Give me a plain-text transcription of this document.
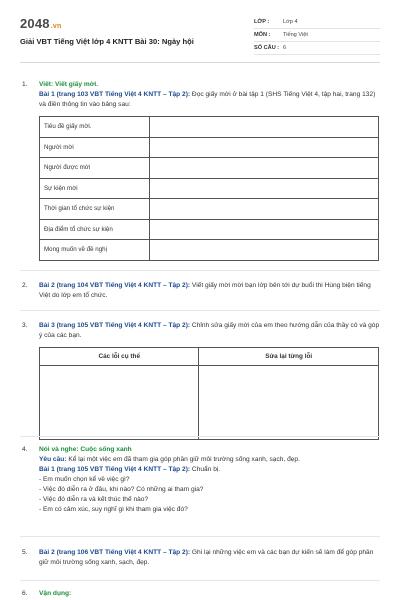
2048.vn
Giải VBT Tiếng Việt lớp 4 KNTT Bài 30: Ngày hội
LỚP :	Lớp 4
MÔN :	Tiếng Việt
SỐ CÂU : 6
1.	Viết: Viết giấy mời.
Bài 1 (trang 103 VBT Tiếng Việt 4 KNTT – Tập 2): Đọc giấy mời ở bài tập 1 (SHS Tiếng Việt 4, tập hai, trang 132) và điền thông tin vào bảng sau:
Tiêu đề giấy mời.	
Người mời	
Người được mời	
Sự kiện mời	
Thời gian tổ chức sự kiện	
Địa điểm tổ chức sự kiện	
Mong muốn về đề nghị	
2.	Bài 2 (trang 104 VBT Tiếng Việt 4 KNTT – Tập 2): Viết giấy mời mời bạn lớp bên tới dự buổi thi Hùng biện tiếng Việt do lớp em tổ chức.
3.	Bài 3 (trang 105 VBT Tiếng Việt 4 KNTT – Tập 2): Chỉnh sửa giấy mời của em theo hướng dẫn của thầy cô và góp ý của các bạn.
Các lỗi cụ thể	Sửa lại từng lỗi

4.	Nói và nghe: Cuộc sống xanh
Yêu cầu: Kể lại một việc em đã tham gia góp phần giữ môi trường sống xanh, sạch, đẹp.
Bài 1 (trang 105 VBT Tiếng Việt 4 KNTT – Tập 2): Chuẩn bị.
- Em muốn chọn kể về việc gì?
- Việc đó diễn ra ở đâu, khi nào? Có những ai tham gia?
- Việc đó diễn ra và kết thúc thế nào?
- Em có cảm xúc, suy nghĩ gì khi tham gia việc đó?
5.	Bài 2 (trang 106 VBT Tiếng Việt 4 KNTT – Tập 2): Ghi lại những việc em và các bạn dự kiến sẽ làm để góp phần giữ môi trường sống xanh, sạch, đẹp.
6.	Vận dụng:
